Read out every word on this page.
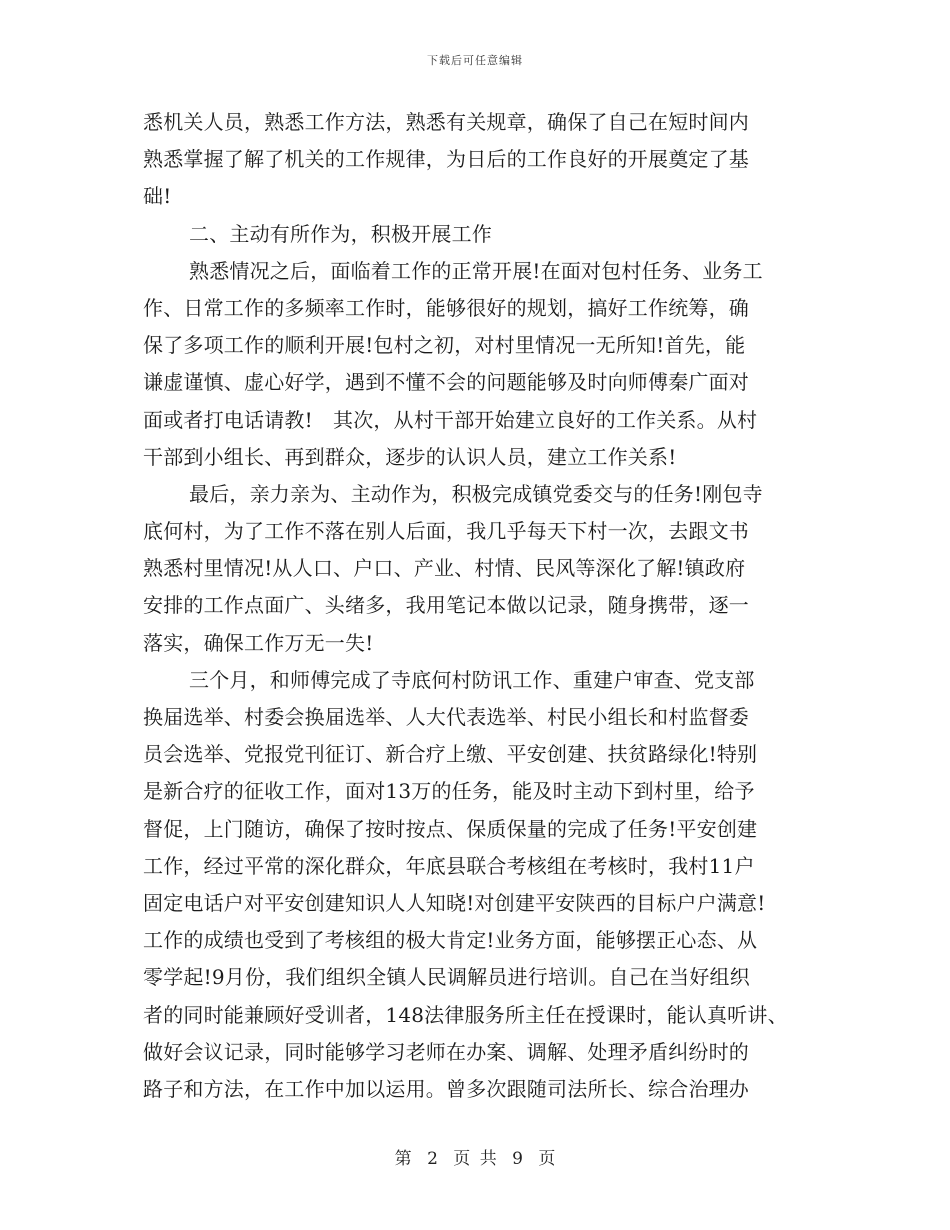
下载后可任意编辑
悉机关人员，熟悉工作方法，熟悉有关规章，确保了自己在短时间内
熟悉掌握了解了机关的工作规律，为日后的工作良好的开展奠定了基
础!
二、主动有所作为，积极开展工作
熟悉情况之后，面临着工作的正常开展!在面对包村任务、业务工
作、日常工作的多频率工作时，能够很好的规划，搞好工作统筹，确
保了多项工作的顺利开展!包村之初，对村里情况一无所知!首先，能
谦虚谨慎、虚心好学，遇到不懂不会的问题能够及时向师傅秦广面对
面或者打电话请教!　其次，从村干部开始建立良好的工作关系。从村
干部到小组长、再到群众，逐步的认识人员，建立工作关系!
最后，亲力亲为、主动作为，积极完成镇党委交与的任务!刚包寺
底何村，为了工作不落在别人后面，我几乎每天下村一次，去跟文书
熟悉村里情况!从人口、户口、产业、村情、民风等深化了解!镇政府
安排的工作点面广、头绪多，我用笔记本做以记录，随身携带，逐一
落实，确保工作万无一失!
三个月，和师傅完成了寺底何村防讯工作、重建户审查、党支部
换届选举、村委会换届选举、人大代表选举、村民小组长和村监督委
员会选举、党报党刊征订、新合疗上缴、平安创建、扶贫路绿化!特别
是新合疗的征收工作，面对13万的任务，能及时主动下到村里，给予
督促，上门随访，确保了按时按点、保质保量的完成了任务!平安创建
工作，经过平常的深化群众，年底县联合考核组在考核时，我村11户
固定电话户对平安创建知识人人知晓!对创建平安陕西的目标户户满意!
工作的成绩也受到了考核组的极大肯定!业务方面，能够摆正心态、从
零学起!9月份，我们组织全镇人民调解员进行培训。自己在当好组织
者的同时能兼顾好受训者，148法律服务所主任在授课时，能认真听讲、
做好会议记录，同时能够学习老师在办案、调解、处理矛盾纠纷时的
路子和方法，在工作中加以运用。曾多次跟随司法所长、综合治理办
第 2 页 共 9 页
